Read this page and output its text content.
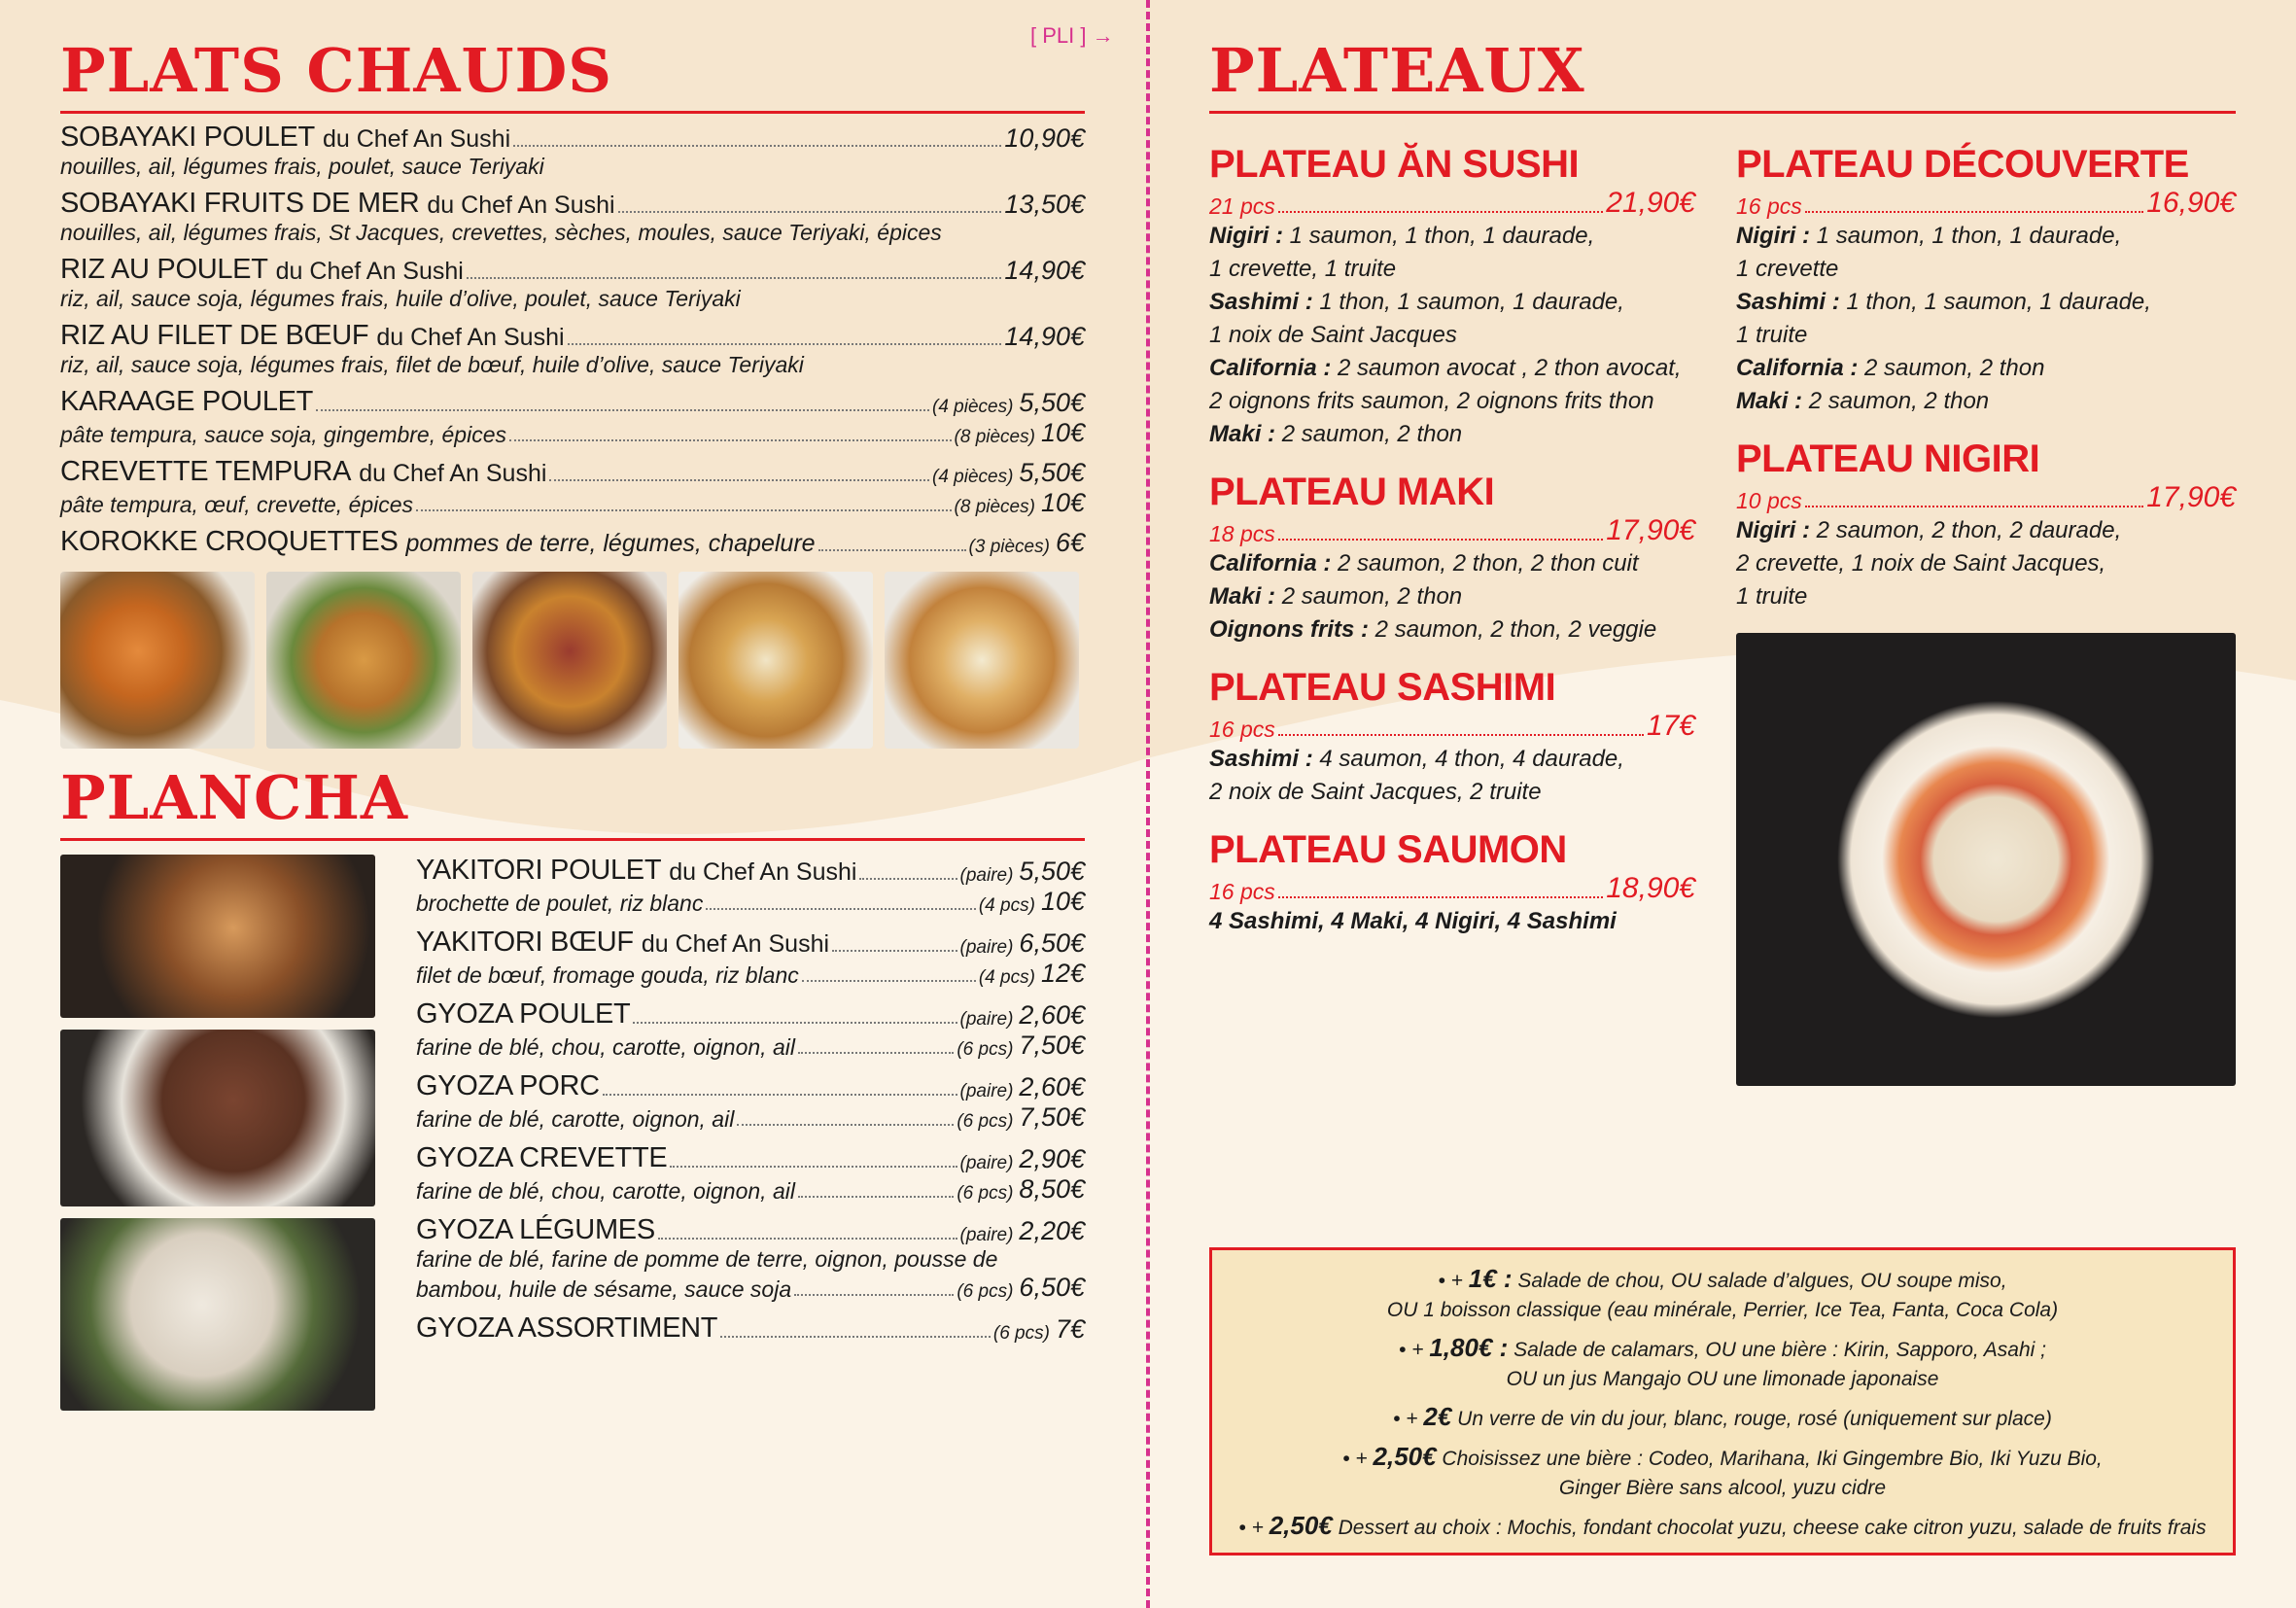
[ PLI ] →
PLATS CHAUDS
SOBAYAKI POULET du Chef An Sushi	10,90€
nouilles, ail, légumes frais, poulet, sauce Teriyaki
SOBAYAKI FRUITS DE MER du Chef An Sushi	13,50€
nouilles, ail, légumes frais, St Jacques, crevettes, sèches, moules, sauce Teriyaki, épices
RIZ AU POULET du Chef An Sushi	14,90€
riz, ail, sauce soja, légumes frais, huile d’olive, poulet, sauce Teriyaki
RIZ AU FILET DE BŒUF du Chef An Sushi	14,90€
riz, ail, sauce soja, légumes frais, filet de bœuf, huile d’olive, sauce Teriyaki
KARAAGE POULET	(4 pièces) 5,50€
pâte tempura, sauce soja, gingembre, épices	(8 pièces) 10€
CREVETTE TEMPURA du Chef An Sushi	(4 pièces) 5,50€
pâte tempura, œuf, crevette, épices	(8 pièces) 10€
KOROKKE CROQUETTES pommes de terre, légumes, chapelure	(3 pièces) 6€
PLANCHA
YAKITORI POULET du Chef An Sushi	(paire) 5,50€
brochette de poulet, riz blanc	(4 pcs) 10€
YAKITORI BŒUF du Chef An Sushi	(paire) 6,50€
filet de bœuf, fromage gouda, riz blanc	(4 pcs) 12€
GYOZA POULET	(paire) 2,60€
farine de blé, chou, carotte, oignon, ail	(6 pcs) 7,50€
GYOZA PORC	(paire) 2,60€
farine de blé, carotte, oignon, ail	(6 pcs) 7,50€
GYOZA CREVETTE	(paire) 2,90€
farine de blé, chou, carotte, oignon, ail	(6 pcs) 8,50€
GYOZA LÉGUMES	(paire) 2,20€
farine de blé, farine de pomme de terre, oignon, pousse de
bambou, huile de sésame, sauce soja	(6 pcs) 6,50€
GYOZA ASSORTIMENT	(6 pcs) 7€
PLATEAUX
PLATEAU ĂN SUSHI
21 pcs	21,90€
Nigiri : 1 saumon, 1 thon, 1 daurade,
1 crevette, 1 truite
Sashimi : 1 thon, 1 saumon, 1 daurade,
1 noix de Saint Jacques
California : 2 saumon avocat , 2 thon avocat,
2 oignons frits saumon, 2 oignons frits thon
Maki : 2 saumon, 2 thon
PLATEAU MAKI
18 pcs	17,90€
California : 2 saumon, 2 thon, 2 thon cuit
Maki : 2 saumon, 2 thon
Oignons frits : 2 saumon, 2 thon, 2 veggie
PLATEAU SASHIMI
16 pcs	17€
Sashimi : 4 saumon, 4 thon, 4 daurade,
2 noix de Saint Jacques, 2 truite
PLATEAU SAUMON
16 pcs	18,90€
4 Sashimi, 4 Maki, 4 Nigiri, 4 Sashimi
PLATEAU DÉCOUVERTE
16 pcs	16,90€
Nigiri : 1 saumon, 1 thon, 1 daurade,
1 crevette
Sashimi : 1 thon, 1 saumon, 1 daurade,
1 truite
California : 2 saumon, 2 thon
Maki : 2 saumon, 2 thon
PLATEAU NIGIRI
10 pcs	17,90€
Nigiri : 2 saumon, 2 thon, 2 daurade,
2 crevette, 1 noix de Saint Jacques,
1 truite

• + 1€ : Salade de chou, OU salade d’algues, OU soupe miso,
OU 1 boisson classique (eau minérale, Perrier, Ice Tea, Fanta, Coca Cola)

• + 1,80€ : Salade de calamars, OU une bière : Kirin, Sapporo, Asahi ;
OU un jus Mangajo OU une limonade japonaise

• + 2€ Un verre de vin du jour, blanc, rouge, rosé (uniquement sur place)

• + 2,50€ Choisissez une bière : Codeo, Marihana, Iki Gingembre Bio, Iki Yuzu Bio,
Ginger Bière sans alcool, yuzu cidre

• + 2,50€ Dessert au choix : Mochis, fondant chocolat yuzu, cheese cake citron yuzu, salade de fruits frais
